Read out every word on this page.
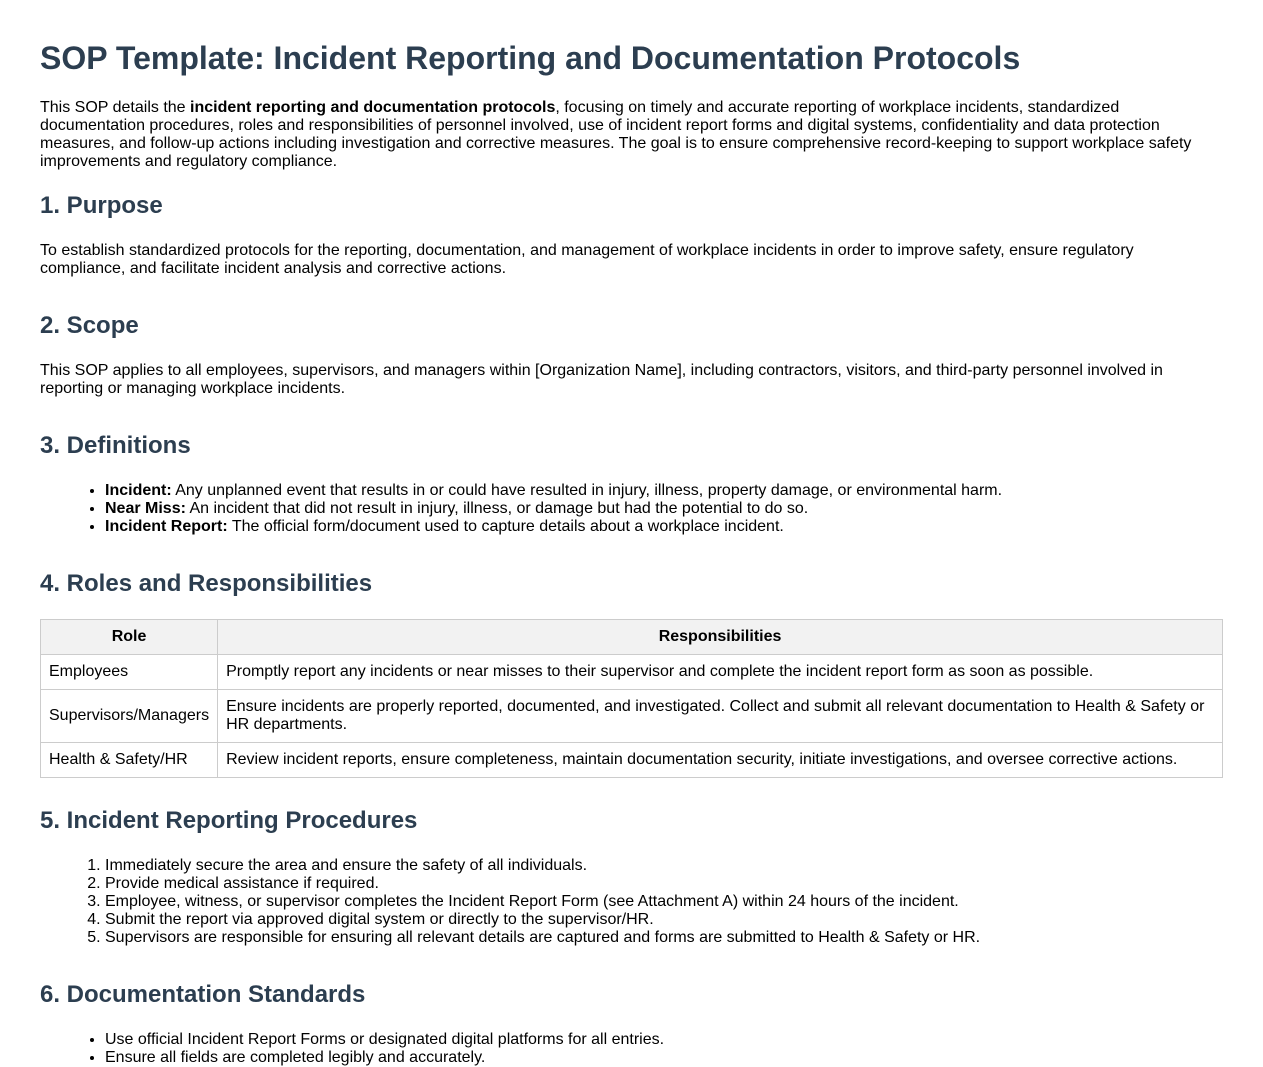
SOP Template: Incident Reporting and Documentation Protocols

This SOP details the incident reporting and documentation protocols, focusing on timely and accurate reporting of workplace incidents, standardized documentation procedures, roles and responsibilities of personnel involved, use of incident report forms and digital systems, confidentiality and data protection measures, and follow-up actions including investigation and corrective measures. The goal is to ensure comprehensive record-keeping to support workplace safety improvements and regulatory compliance.

1. Purpose

To establish standardized protocols for the reporting, documentation, and management of workplace incidents in order to improve safety, ensure regulatory compliance, and facilitate incident analysis and corrective actions.

2. Scope

This SOP applies to all employees, supervisors, and managers within [Organization Name], including contractors, visitors, and third-party personnel involved in reporting or managing workplace incidents.

3. Definitions
• Incident: Any unplanned event that results in or could have resulted in injury, illness, property damage, or environmental harm.
• Near Miss: An incident that did not result in injury, illness, or damage but had the potential to do so.
• Incident Report: The official form/document used to capture details about a workplace incident.
4. Roles and Responsibilities
Role	Responsibilities
Employees	Promptly report any incidents or near misses to their supervisor and complete the incident report form as soon as possible.
Supervisors/Managers	Ensure incidents are properly reported, documented, and investigated. Collect and submit all relevant documentation to Health & Safety or HR departments.
Health & Safety/HR	Review incident reports, ensure completeness, maintain documentation security, initiate investigations, and oversee corrective actions.
5. Incident Reporting Procedures
1. Immediately secure the area and ensure the safety of all individuals.
2. Provide medical assistance if required.
3. Employee, witness, or supervisor completes the Incident Report Form (see Attachment A) within 24 hours of the incident.
4. Submit the report via approved digital system or directly to the supervisor/HR.
5. Supervisors are responsible for ensuring all relevant details are captured and forms are submitted to Health & Safety or HR.
6. Documentation Standards
• Use official Incident Report Forms or designated digital platforms for all entries.
• Ensure all fields are completed legibly and accurately.
